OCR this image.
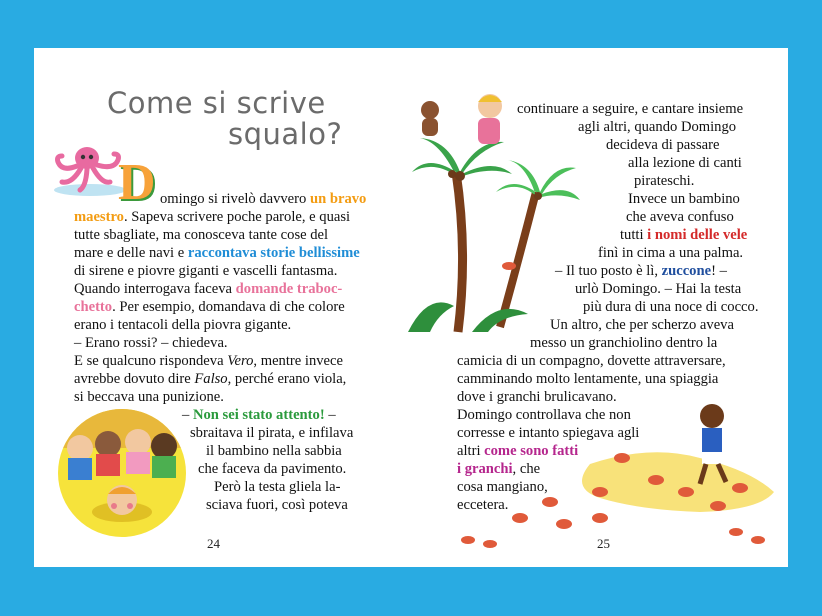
Come si scrive
squalo?
D omingo si rivelò davvero un bravo
maestro. Sapeva scrivere poche parole, e quasi
tutte sbagliate, ma conosceva tante cose del
mare e delle navi e raccontava storie bellissime
di sirene e piovre giganti e vascelli fantasma.
Quando interrogava faceva domande traboc-
chetto. Per esempio, domandava di che colore
erano i tentacoli della piovra gigante.
– Erano rossi? – chiedeva.
E se qualcuno rispondeva Vero, mentre invece
avrebbe dovuto dire Falso, perché erano viola,
si beccava una punizione.
– Non sei stato attento! –
sbraitava il pirata, e infilava
il bambino nella sabbia
che faceva da pavimento.
Però la testa gliela la-
sciava fuori, così poteva
24
continuare a seguire, e cantare insieme
agli altri, quando Domingo
decideva di passare
alla lezione di canti
pirateschi.
Invece un bambino
che aveva confuso
tutti i nomi delle vele
finì in cima a una palma.
– Il tuo posto è lì, zuccone! –
urlò Domingo. – Hai la testa
più dura di una noce di cocco.
Un altro, che per scherzo aveva
messo un granchiolino dentro la
camicia di un compagno, dovette attraversare,
camminando molto lentamente, una spiaggia
dove i granchi brulicavano.
Domingo controllava che non
corresse e intanto spiegava agli
altri come sono fatti
i granchi, che
cosa mangiano,
eccetera.
25
